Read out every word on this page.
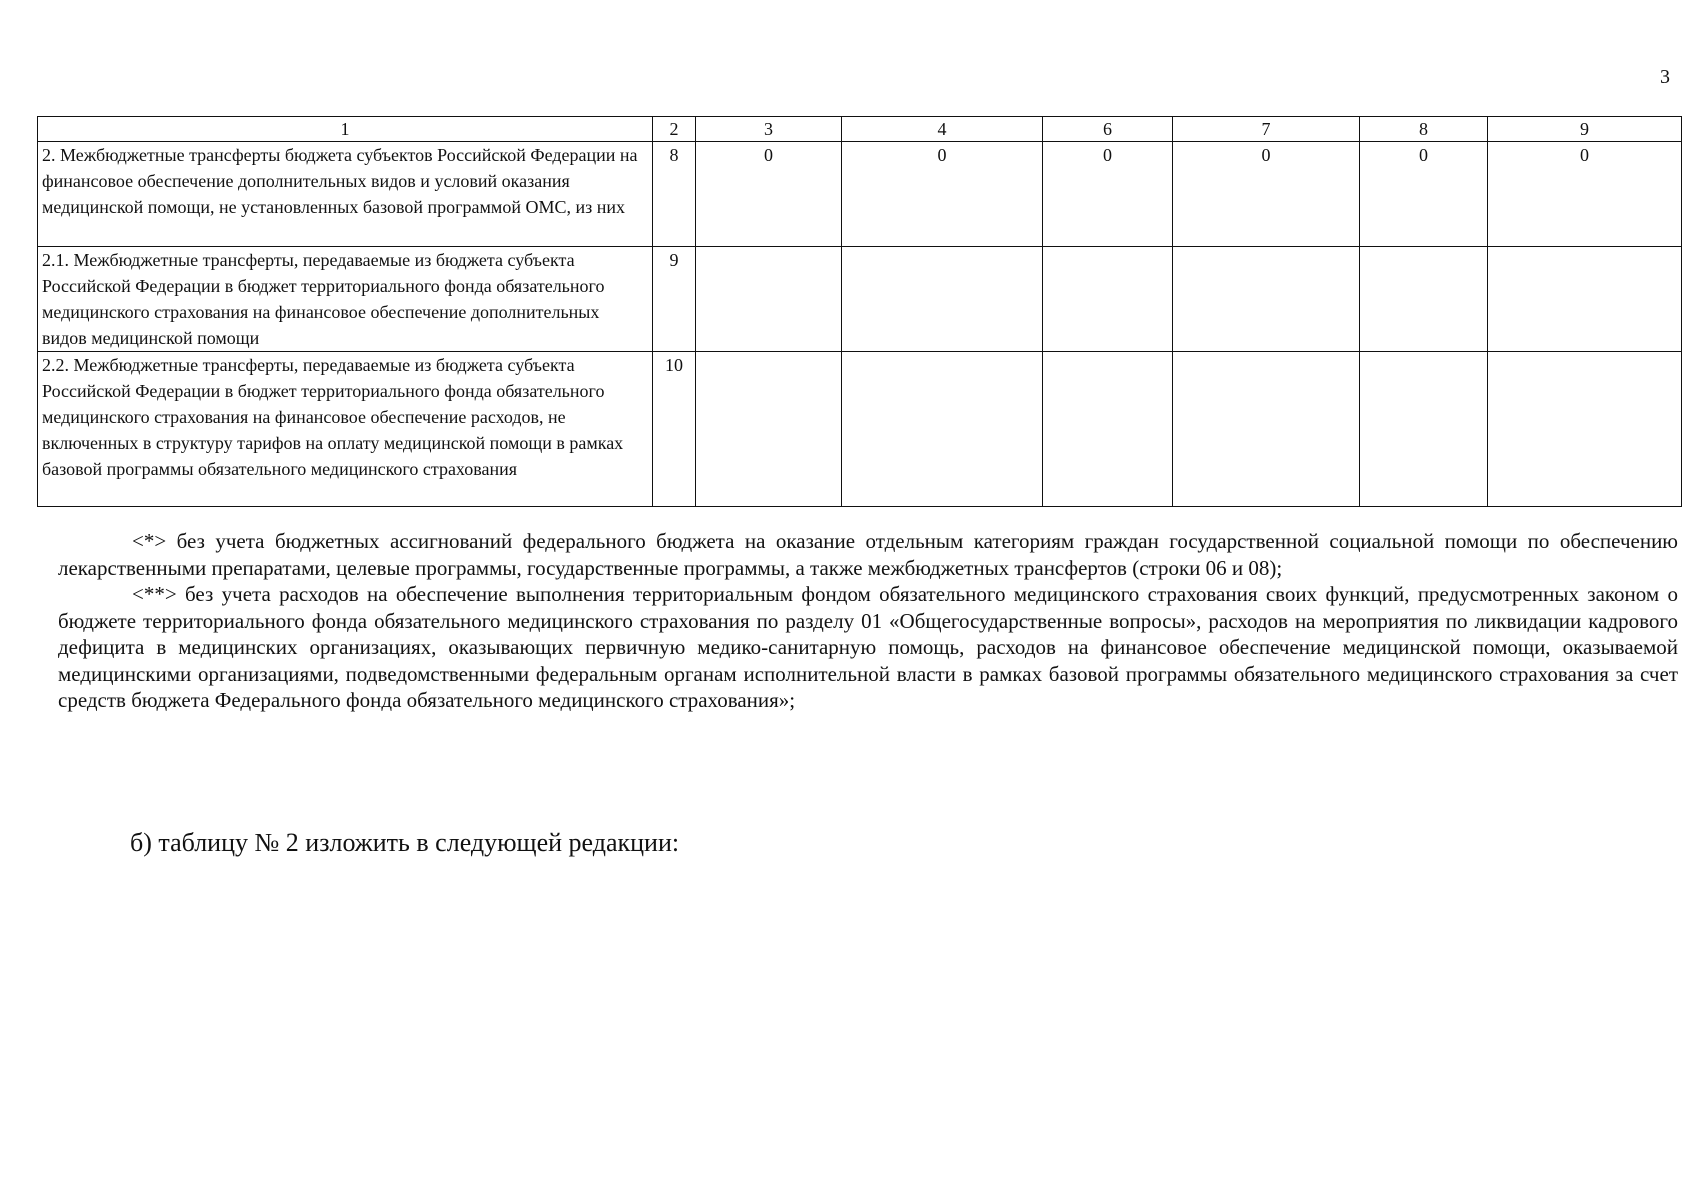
3
1	2	3	4	6	7	8	9
2. Межбюджетные трансферты бюджета субъектов Российской Федерации на финансовое обеспечение дополнительных видов и условий оказания медицинской помощи, не установленных базовой программой ОМС, из них	8	0	0	0	0	0	0
2.1. Межбюджетные трансферты, передаваемые из бюджета субъекта Российской Федерации в бюджет территориального фонда обязательного медицинского страхования на финансовое обеспечение дополнительных видов медицинской помощи	9						
2.2. Межбюджетные трансферты, передаваемые из бюджета субъекта Российской Федерации в бюджет территориального фонда обязательного медицинского страхования на финансовое обеспечение расходов, не включенных в структуру тарифов на оплату медицинской помощи в рамках базовой программы обязательного медицинского страхования	10						

<*> без учета бюджетных ассигнований федерального бюджета на оказание отдельным категориям граждан государственной социальной помощи по обеспечению лекарственными препаратами, целевые программы, государственные программы, а также межбюджетных трансфертов (строки 06 и 08);

<**> без учета расходов на обеспечение выполнения территориальным фондом обязательного медицинского страхования своих функций, предусмотренных законом о бюджете территориального фонда обязательного медицинского страхования по разделу 01 «Общегосударственные вопросы», расходов на мероприятия по ликвидации кадрового дефицита в медицинских организациях, оказывающих первичную медико-санитарную помощь, расходов на финансовое обеспечение медицинской помощи, оказываемой медицинскими организациями, подведомственными федеральным органам исполнительной власти в рамках базовой программы обязательного медицинского страхования за счет средств бюджета Федерального фонда обязательного медицинского страхования»;

б) таблицу № 2 изложить в следующей редакции:
